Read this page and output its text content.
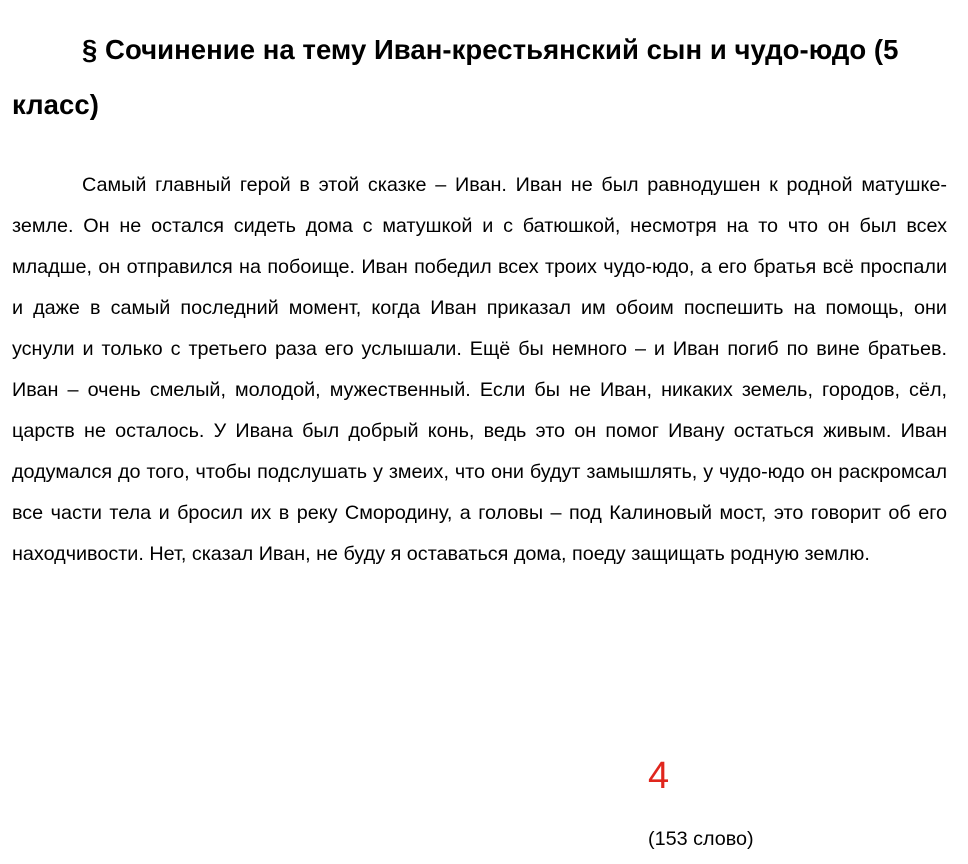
§ Сочинение на тему Иван-крестьянский сын и чудо-юдо (5 класс)

Самый главный герой в этой сказке – Иван. Иван не был равнодушен к родной матушке-земле. Он не остался сидеть дома с матушкой и с батюшкой, несмотря на то что он был всех младше, он отправился на побоище. Иван победил всех троих чудо-юдо, а его братья всё проспали и даже в самый последний момент, когда Иван приказал им обоим поспешить на помощь, они уснули и только с третьего раза его услышали. Ещё бы немного – и Иван погиб по вине братьев. Иван – очень смелый, молодой, мужественный. Если бы не Иван, никаких земель, городов, сёл, царств не осталось. У Ивана был добрый конь, ведь это он помог Ивану остаться живым. Иван додумался до того, чтобы подслушать у змеих, что они будут замышлять, у чудо-юдо он раскромсал все части тела и бросил их в реку Смородину, а головы – под Калиновый мост, это говорит об его находчивости. Нет, сказал Иван, не буду я оставаться дома, поеду защищать родную землю.

4
(153 слово)
